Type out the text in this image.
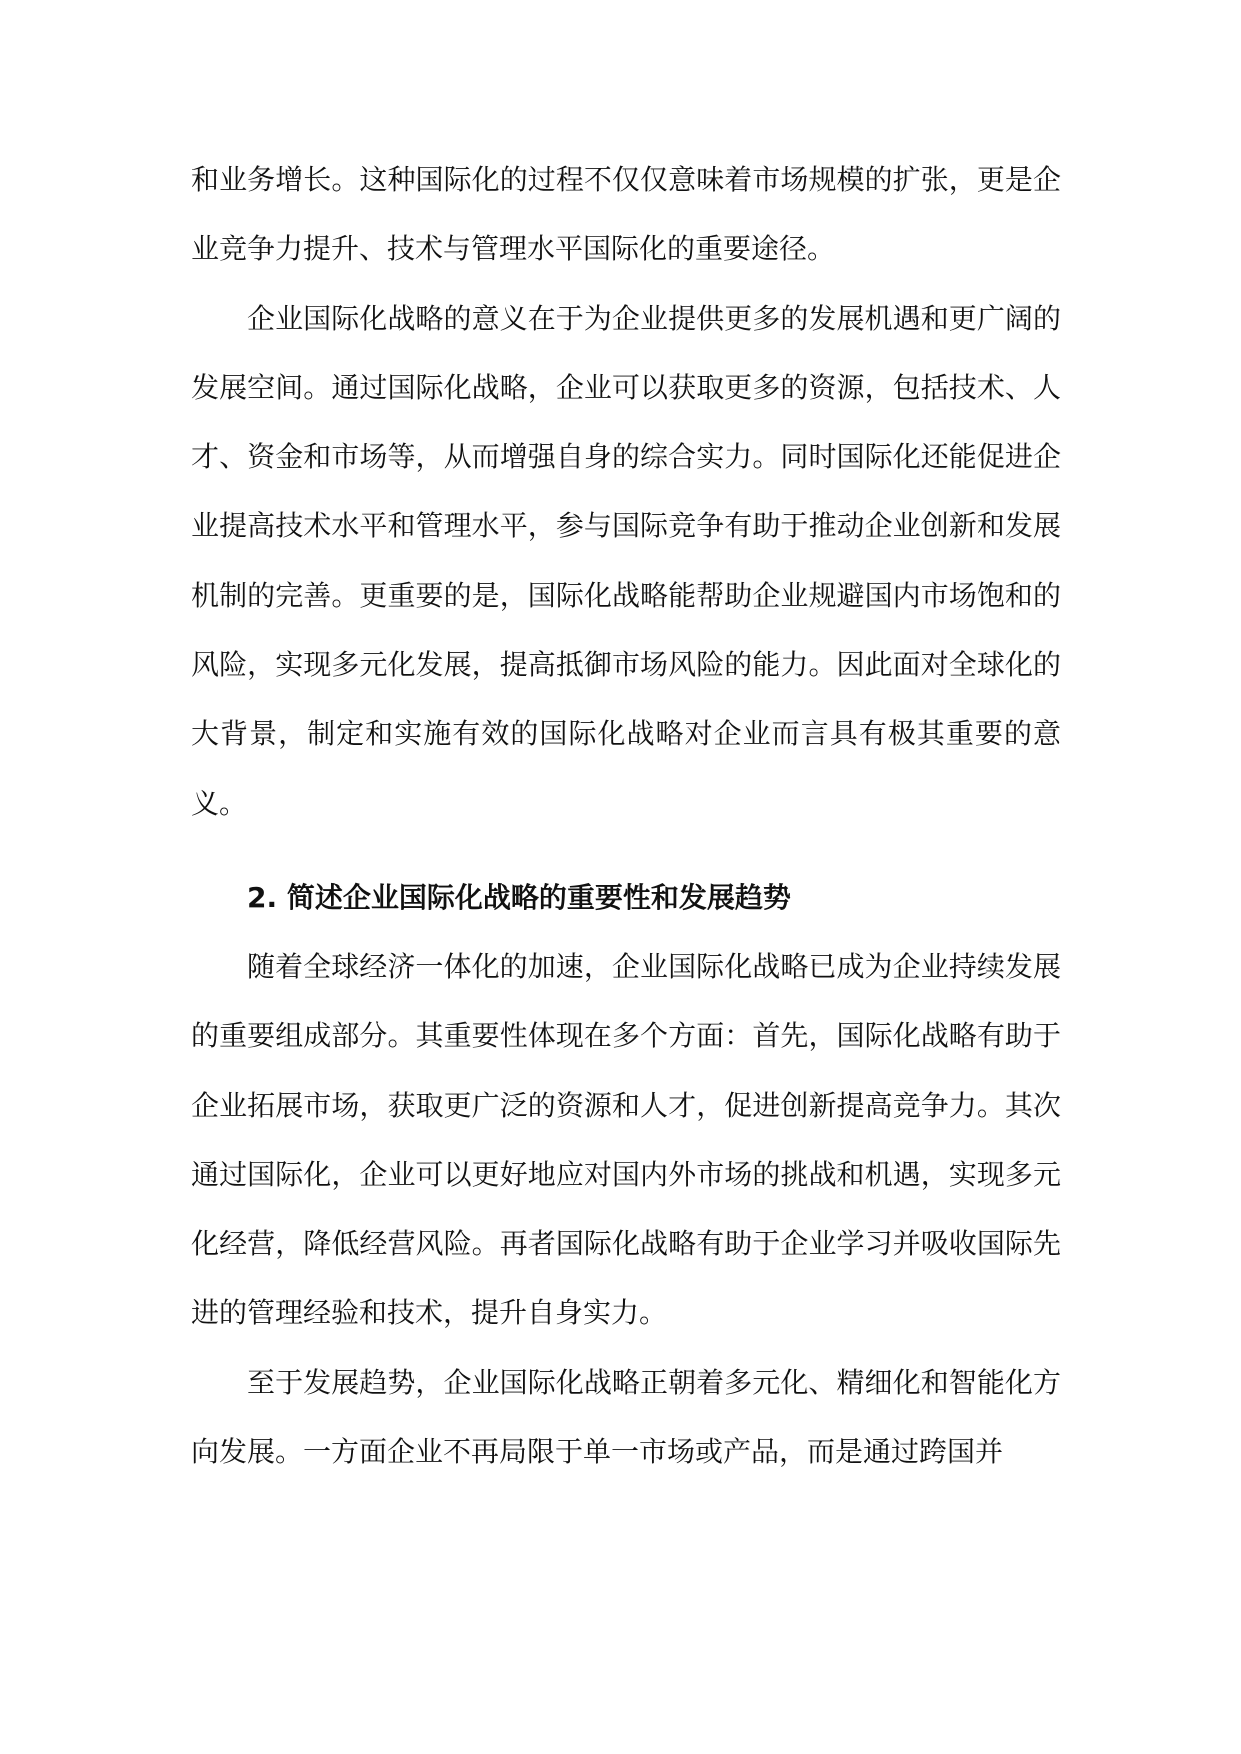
和业务增长。这种国际化的过程不仅仅意味着市场规模的扩张，更是企业竞争力提升、技术与管理水平国际化的重要途径。

企业国际化战略的意义在于为企业提供更多的发展机遇和更广阔的发展空间。通过国际化战略，企业可以获取更多的资源，包括技术、人才、资金和市场等，从而增强自身的综合实力。同时国际化还能促进企业提高技术水平和管理水平，参与国际竞争有助于推动企业创新和发展机制的完善。更重要的是，国际化战略能帮助企业规避国内市场饱和的风险，实现多元化发展，提高抵御市场风险的能力。因此面对全球化的大背景，制定和实施有效的国际化战略对企业而言具有极其重要的意义。

2. 简述企业国际化战略的重要性和发展趋势

随着全球经济一体化的加速，企业国际化战略已成为企业持续发展的重要组成部分。其重要性体现在多个方面：首先，国际化战略有助于企业拓展市场，获取更广泛的资源和人才，促进创新提高竞争力。其次通过国际化，企业可以更好地应对国内外市场的挑战和机遇，实现多元化经营，降低经营风险。再者国际化战略有助于企业学习并吸收国际先进的管理经验和技术，提升自身实力。

至于发展趋势，企业国际化战略正朝着多元化、精细化和智能化方向发展。一方面企业不再局限于单一市场或产品，而是通过跨国并
